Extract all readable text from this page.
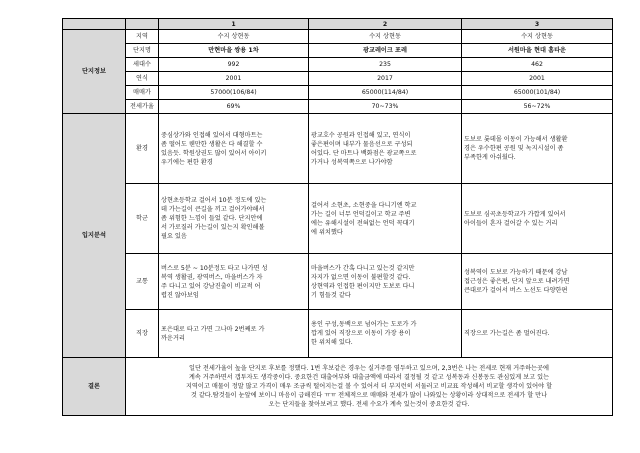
		1	2	3
단지정보	지역	수지 상현동	수지 상현동	수지 상현동
	단지명	만현마을 쌍용 1차	광교레이크 포레	서원마을 현대 홈타운
	세대수	992	235	462
	연식	2001	2017	2001
	매매가	57000(106/84)	65000(114/84)	65000(101/84)
	전세가율	69%	70~73%	56~72%
입지분석	환경	중심상가와 인접해 있어서 대형마트는
좀 떨어도 웬만한 생활은 다 해결할 수
있음듯. 학원상권도 많이 있어서 아이키
우기에는 편한 환경	광교호수 공원과 인접해 있고, 연식이
좋은편이며 내부가 물음선으로 구성되
어있다. 단 마트나 백화점은 광교쪽으로
가거나 성복역쪽으로 나가야함	도보로 롯데몰 이동이 가능해서 생활환
경은 우수한편 공원 및 녹지시설이 좀
부족한게 아쉬웠다.
	학군	상현초등학교 걸어서 10분 정도에 있는
데 가는길이 큰길을 끼고 걸어가야해서
좀 위험한 느낌이 들었 같다. 단지안에
서 가로질러 가는길이 있는지 확인해볼
필요 있음	걸어서 소현초, 소현중을 다니기엔 학교
가는 길이 너무 언덕길이고 학교 주변
에는 유해시설이 전혀없는 언덕 꼭대기
에 위치했다	도보로 심곡초등학교가 가깝게 있어서
아이들이 혼자 걸어갈 수 있는 거리
	교통	버스로 5분 ~ 10분정도 타고 나가면 성
복역 생활권, 광역버스, 마을버스가 자
주 다니고 있어 강남진출이 비교적 어
렵진 않아보임	마을버스가 간혹 다니고 있는것 같지만
자지가 없으면 이동이 불편할것 같다.
상현역과 인접한 편이지만 도보로 다니
기 힘들것 같다	성복역이 도보로 가능하기 때문에 강남
접근성은 좋은편, 단지 앞으로 내려가면
큰대로가 걸어서 버스 노선도 다양한편
	직장	포은대로 타고 가면 그나마 2번째로 가
까운거리	용인 구성,동백으로 넘어가는 도로가 가
깝게 있어 직장으로 이동이 가장 용이
한 위치해 있다.	직장으로 가는길은 좀 멀어진다.
결론	일단 전세가율이 높을 단지로 후보를 정했다. 1번 후보같은 경우는 실거주를 염두하고 있으며, 2,3번은 나는 전세로 현재 거주하는곳에
계속 거주하면서 갭투자도 생각중이다. 중요한건 대출여부와 대출금액에 따라서 결정될 것 같고 성복동과 신봉동도 관심있게 보고 있는
지역이고 매물이 정말 많고 가격이 매우 조금씩 떨어지는걸 볼 수 있어서 더 부지런히 서둘러고 비교표 작성해서 비교할 생각이 있어야 할
것 같다.탐것들이 눈앞에 보이니 마음이 급해진다 ㅠㅠ 전체적으로 매매와 전세가 많이 나와있는 상황이라 상대적으로 전세가 할 만나
오는 단지들을 찾아보려고 했다. 전세 수요가 계속 있는것이 중요한것 같다.			
